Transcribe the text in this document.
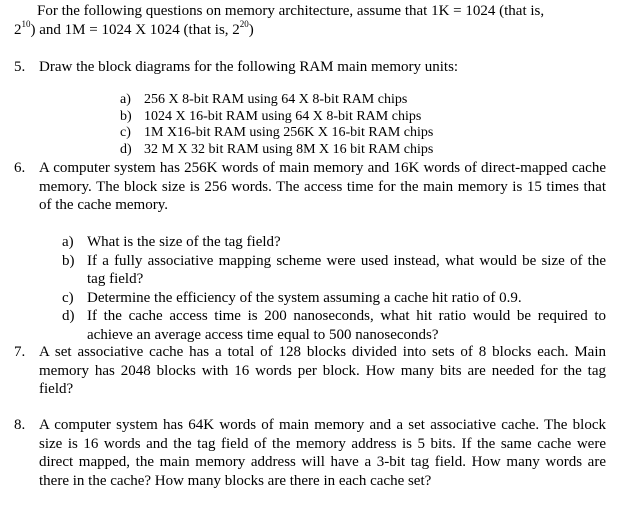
For the following questions on memory architecture, assume that 1K = 1024 (that is,
$2^{10}$) and 1M = 1024 X 1024 (that is, $2^{20}$)
5. Draw the block diagrams for the following RAM main memory units:
a) 256 X 8-bit RAM using 64 X 8-bit RAM chips
b) 1024 X 16-bit RAM using 64 X 8-bit RAM chips
c) 1M X16-bit RAM using 256K X 16-bit RAM chips
d) 32 M X 32 bit RAM using 8M X 16 bit RAM chips
6. A computer system has 256K words of main memory and 16K words of direct-mapped cache memory. The block size is 256 words. The access time for the main memory is 15 times that of the cache memory.
a) What is the size of the tag field?
b) If a fully associative mapping scheme were used instead, what would be size of the tag field?
c) Determine the efficiency of the system assuming a cache hit ratio of 0.9.
d) If the cache access time is 200 nanoseconds, what hit ratio would be required to achieve an average access time equal to 500 nanoseconds?
7. A set associative cache has a total of 128 blocks divided into sets of 8 blocks each. Main memory has 2048 blocks with 16 words per block. How many bits are needed for the tag field?
8. A computer system has 64K words of main memory and a set associative cache. The block size is 16 words and the tag field of the memory address is 5 bits. If the same cache were direct mapped, the main memory address will have a 3-bit tag field. How many words are there in the cache? How many blocks are there in each cache set?
